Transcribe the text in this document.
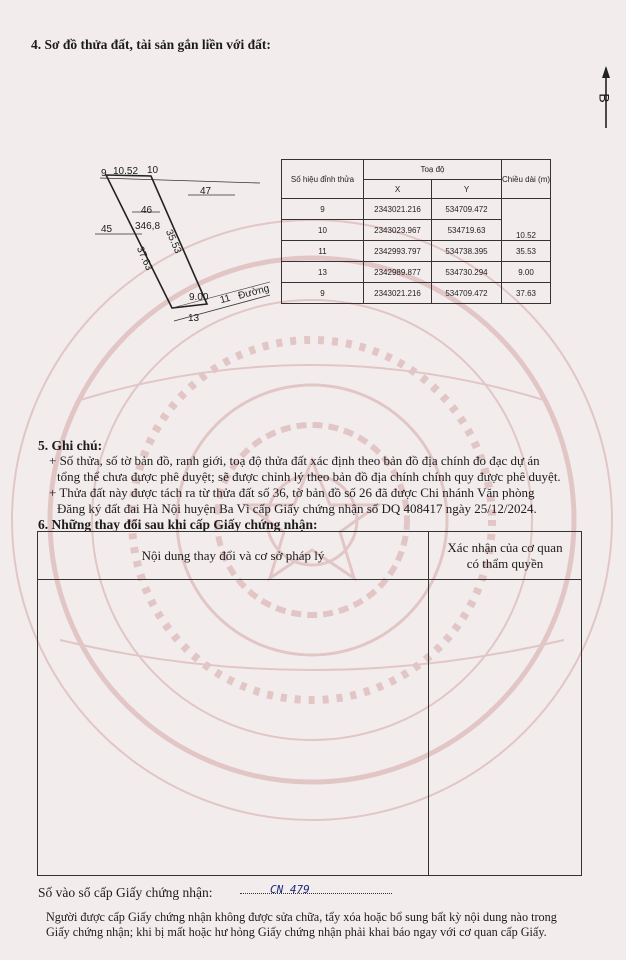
4. Sơ đồ thửa đất, tài sản gắn liền với đất:
B
9 10.52 10
47
46
346,8
45	35.53
37.63
9.00 11 Đường
13
Số hiệu đỉnh thửa	Toạ độ		Chiều dài (m)
	X	Y	
9	2343021.216	534709.472	10.52
10	2343023.967	534719.63	
11	2342993.797	534738.395	35.53
13	2342989.877	534730.294	9.00
9	2343021.216	534709.472	37.63
5. Ghi chú:
+ Số thửa, số tờ bản đồ, ranh giới, toạ độ thửa đất xác định theo bản đồ địa chính đo đạc dự án
tổng thể chưa được phê duyệt; sẽ được chỉnh lý theo bản đồ địa chính chính quy được phê duyệt.
+ Thửa đất này được tách ra từ thửa đất số 36, tờ bản đồ số 26 đã được Chi nhánh Văn phòng
Đăng ký đất đai Hà Nội huyện Ba Vì cấp Giấy chứng nhận số DQ 408417 ngày 25/12/2024.
6. Những thay đổi sau khi cấp Giấy chứng nhận:
Nội dung thay đổi và cơ sở pháp lý	Xác nhận của cơ quan
có thẩm quyền

Số vào sổ cấp Giấy chứng nhận:	CN 479
Người được cấp Giấy chứng nhận không được sửa chữa, tẩy xóa hoặc bổ sung bất kỳ nội dung nào trong
Giấy chứng nhận; khi bị mất hoặc hư hỏng Giấy chứng nhận phải khai báo ngay với cơ quan cấp Giấy.
